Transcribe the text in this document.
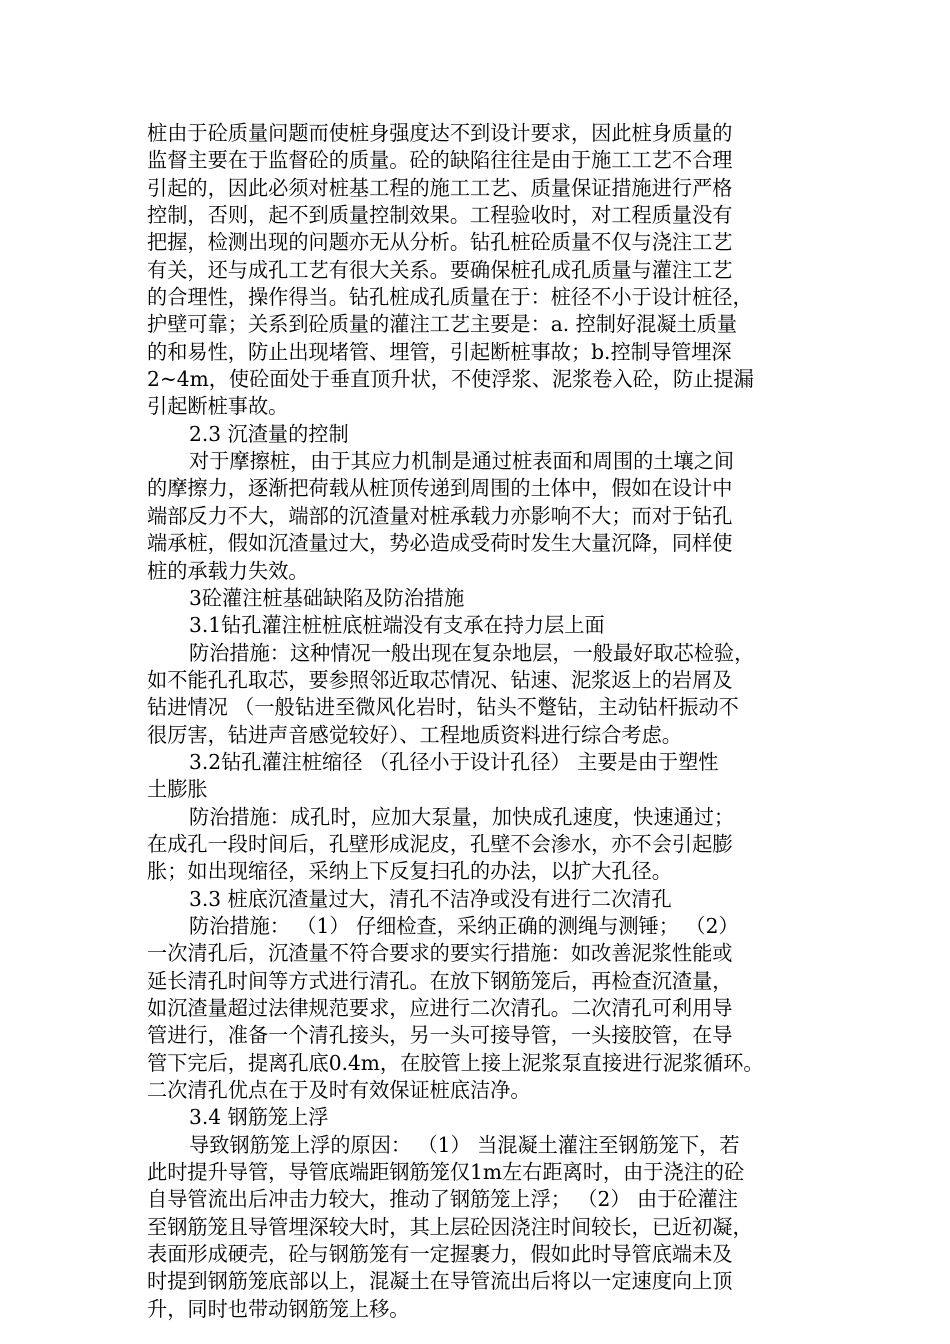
桩由于砼质量问题而使桩身强度达不到设计要求，因此桩身质量的
监督主要在于监督砼的质量。砼的缺陷往往是由于施工工艺不合理
引起的，因此必须对桩基工程的施工工艺、质量保证措施进行严格
控制，否则，起不到质量控制效果。工程验收时，对工程质量没有
把握，检测出现的问题亦无从分析。钻孔桩砼质量不仅与浇注工艺
有关，还与成孔工艺有很大关系。要确保桩孔成孔质量与灌注工艺
的合理性，操作得当。钻孔桩成孔质量在于：桩径不小于设计桩径，
护壁可靠；关系到砼质量的灌注工艺主要是：a. 控制好混凝土质量
的和易性，防止出现堵管、埋管，引起断桩事故；b.控制导管埋深
2~4m，使砼面处于垂直顶升状，不使浮浆、泥浆卷入砼，防止提漏
引起断桩事故。
2.3 沉渣量的控制
对于摩擦桩，由于其应力机制是通过桩表面和周围的土壤之间
的摩擦力，逐渐把荷载从桩顶传递到周围的土体中，假如在设计中
端部反力不大，端部的沉渣量对桩承载力亦影响不大；而对于钻孔
端承桩，假如沉渣量过大，势必造成受荷时发生大量沉降，同样使
桩的承载力失效。
3砼灌注桩基础缺陷及防治措施
3.1钻孔灌注桩桩底桩端没有支承在持力层上面
防治措施：这种情况一般出现在复杂地层，一般最好取芯检验，
如不能孔孔取芯，要参照邻近取芯情况、钻速、泥浆返上的岩屑及
钻进情况 （一般钻进至微风化岩时，钻头不蹩钻，主动钻杆振动不
很厉害，钻进声音感觉较好）、工程地质资料进行综合考虑。
3.2钻孔灌注桩缩径 （孔径小于设计孔径） 主要是由于塑性
土膨胀
防治措施：成孔时，应加大泵量，加快成孔速度，快速通过；
在成孔一段时间后，孔壁形成泥皮，孔壁不会渗水，亦不会引起膨
胀；如出现缩径，采纳上下反复扫孔的办法，以扩大孔径。
3.3 桩底沉渣量过大，清孔不洁净或没有进行二次清孔
防治措施： （1） 仔细检查，采纳正确的测绳与测锤； （2）
一次清孔后，沉渣量不符合要求的要实行措施：如改善泥浆性能或
延长清孔时间等方式进行清孔。在放下钢筋笼后，再检查沉渣量，
如沉渣量超过法律规范要求，应进行二次清孔。二次清孔可利用导
管进行，准备一个清孔接头，另一头可接导管，一头接胶管，在导
管下完后，提离孔底0.4m，在胶管上接上泥浆泵直接进行泥浆循环。
二次清孔优点在于及时有效保证桩底洁净。
3.4 钢筋笼上浮
导致钢筋笼上浮的原因： （1） 当混凝土灌注至钢筋笼下，若
此时提升导管，导管底端距钢筋笼仅1m左右距离时，由于浇注的砼
自导管流出后冲击力较大，推动了钢筋笼上浮； （2） 由于砼灌注
至钢筋笼且导管埋深较大时，其上层砼因浇注时间较长，已近初凝，
表面形成硬壳，砼与钢筋笼有一定握裹力，假如此时导管底端未及
时提到钢筋笼底部以上，混凝土在导管流出后将以一定速度向上顶
升，同时也带动钢筋笼上移。
